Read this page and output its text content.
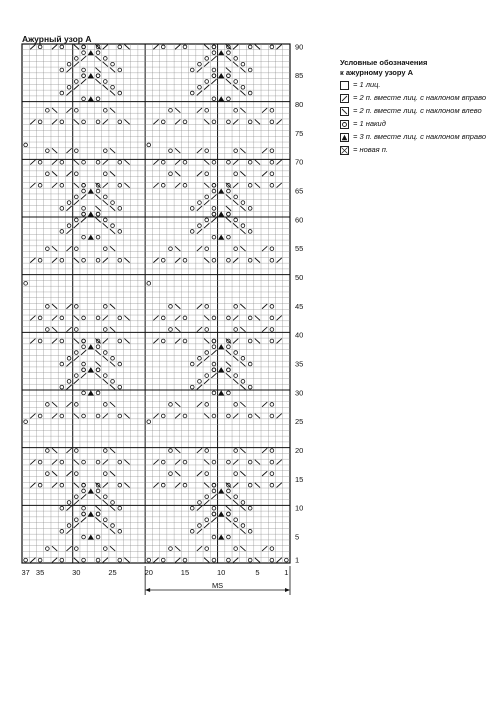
Ажурный узор А
1
5
10
15
20
25
30
35
40
45
50
55
60
65
70
75
80
85
90
37 35	30	25	20	15	10	5	1
MS
Условные обозначения
к ажурному узору А
= 1 лиц.
= 2 п. вместе лиц. с наклоном вправо
= 2 п. вместе лиц. с наклоном влево
= 1 накид
= 3 п. вместе лиц. с наклоном вправо
= новая п.
